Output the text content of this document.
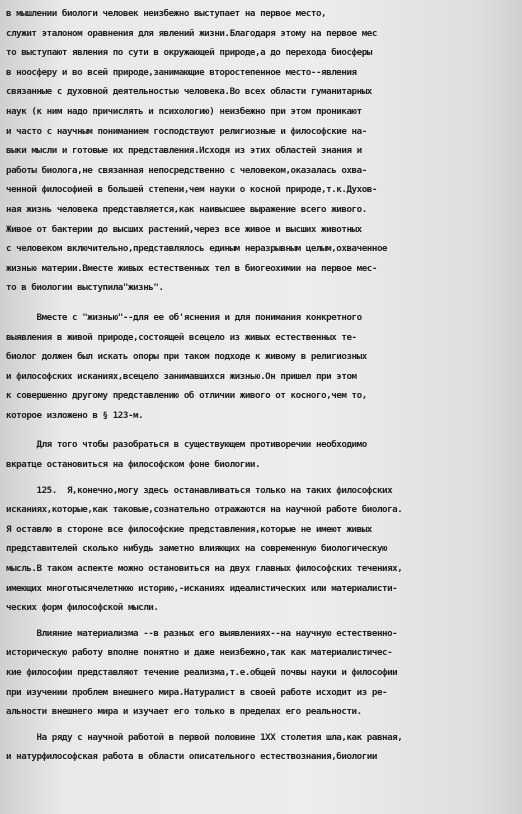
в мышлении биологи человек неизбежно выступает на первое место,
служит эталоном оравнения для явлений жизни.Благодаря этому на первое мес
то выступают явления по сути в окружающей природе,а до перехода биосферы
в ноосферу и во всей природе,занимающие второстепенное место--явления
связанные с духовной деятельностью человека.Во всех области гуманитарных
наук (к ним надо причислять и психологию) неизбежно при этом проникают
и часто с научным пониманием господствуют религиозные и философские на-
выки мысли и готовые их представления.Исходя из этих областей знания и
работы биолога,не связанная непосредственно с человеком,оказалась охва-
ченной философией в большей степени,чем науки о косной природе,т.к.Духов-
ная жизнь человека представляется,как наивысшее выражение всего живого.
Живое от бактерии до высших растений,через все живое и высших животных
с человеком включительно,представлялось единым неразрывным целым,охваченное
жизнью материи.Вместе живых естественных тел в биогеохимии на первое мес-
то в биологии выступила"жизнь".
Вместе с "жизнью"--для ее об'яснения и для понимания конкретного
выявления в живой природе,состоящей всецело из живых естественных те-
биолог должен был искать опоры при таком подходе к живому в религиозных
и философских исканиях,всецело занимавшихся жизнью.Он пришел при этом
к совершенно другому представлению об отличии живого от косного,чем то,
которое изложено в § 123-м.
Для того чтобы разобраться в существующем противоречии необходимо
вкратце остановиться на философском фоне биологии.
125.  Я,конечно,могу здесь останавливаться только на таких философских
исканиях,которые,как таковые,сознательно отражаются на научной работе биолога.
Я оставлю в стороне все философские представления,которые не имеют живых
представителей сколько нибудь заметно влияющих на современную биологическую
мысль.В таком аспекте можно остановиться на двух главных философских течениях,
имеющих многотысячелетнюю историю,-исканиях идеалистических или материалисти-
ческих форм философской мысли.
Влияние материализма --в разных его выявлениях--на научную естественно-
историческую работу вполне понятно и даже неизбежно,так как материалистичес-
кие философии представляют течение реализма,т.е.общей почвы науки и философии
при изучении проблем внешнего мира.Натуралист в своей работе исходит из ре-
альности внешнего мира и изучает его только в пределах его реальности.
На ряду с научной работой в первой половине 1XX столетия шла,как равная,
и натурфилософская работа в области описательного естествознания,биологии
